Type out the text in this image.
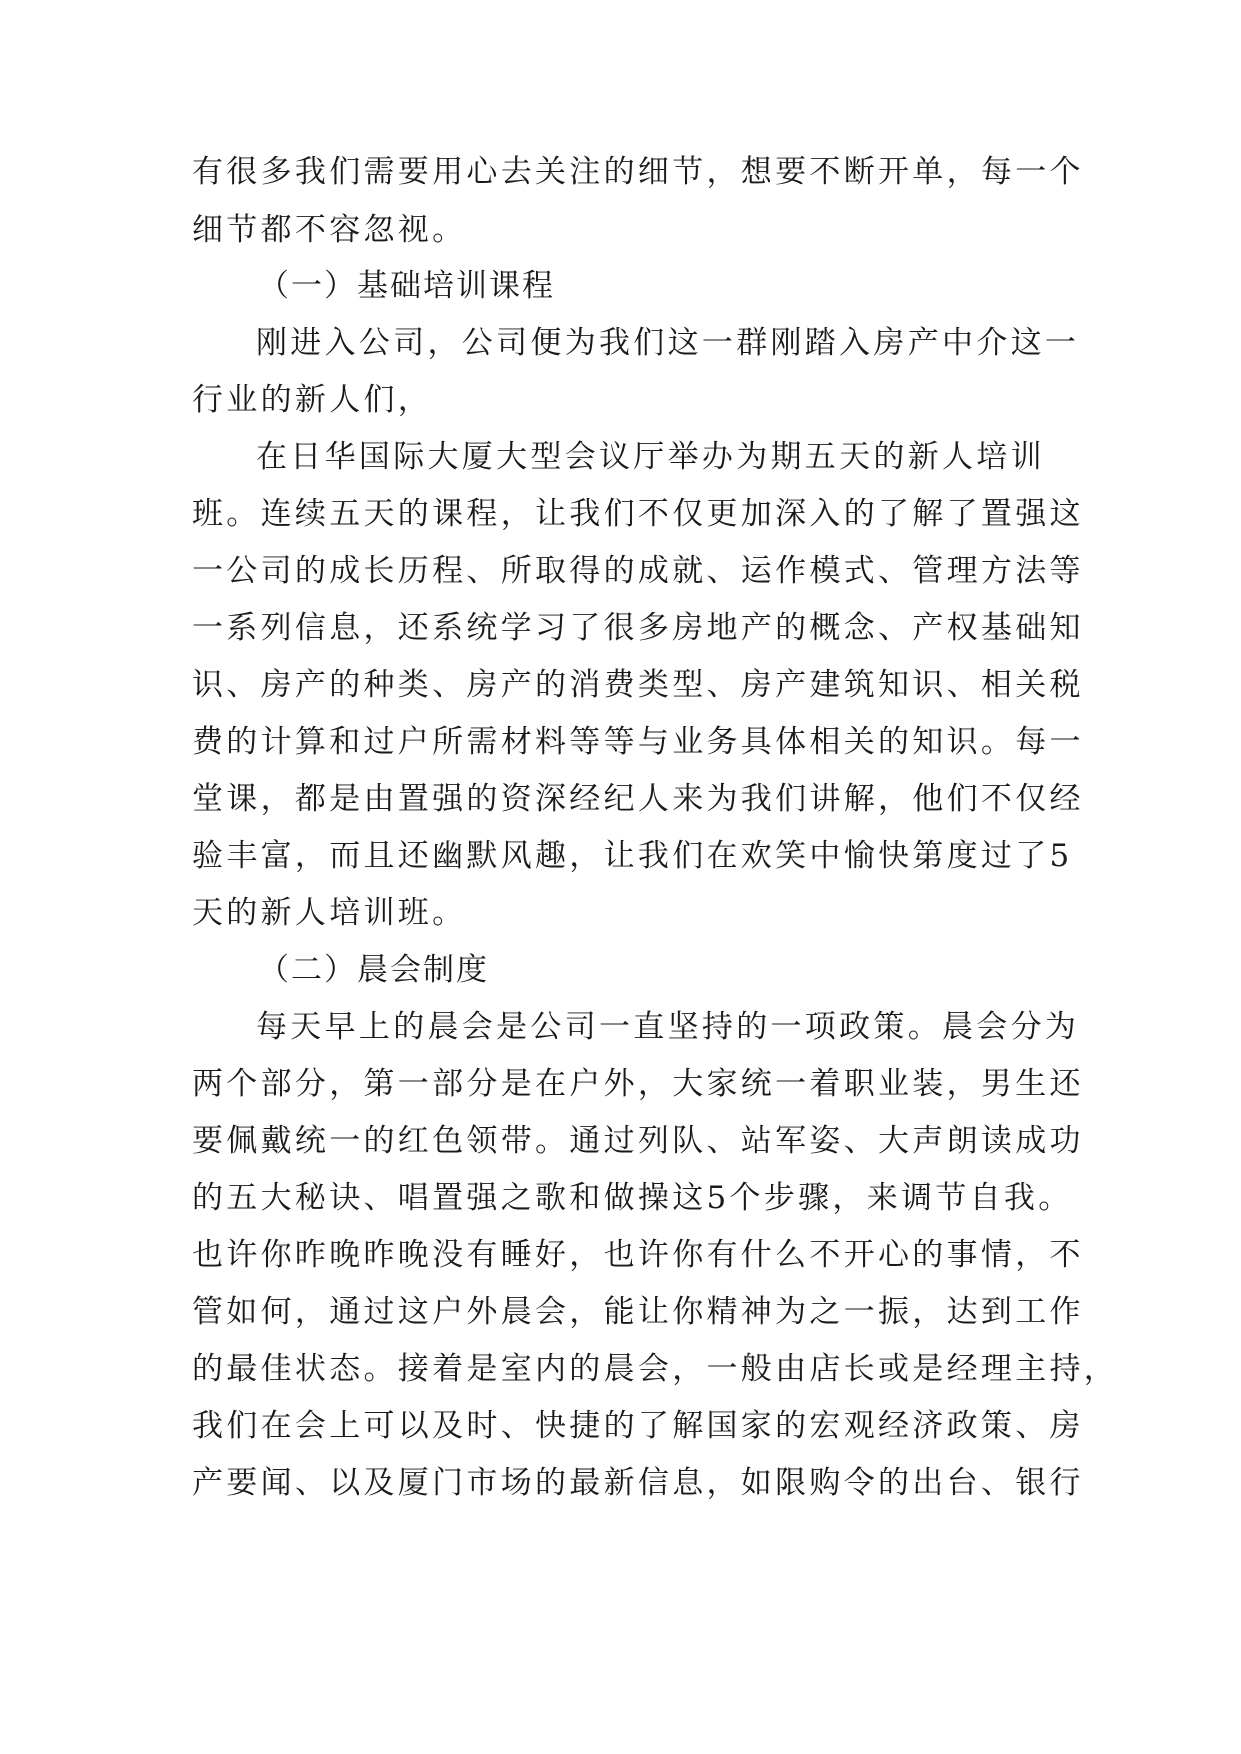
有很多我们需要用心去关注的细节，想要不断开单，每一个
细节都不容忽视。
（一）基础培训课程
刚进入公司，公司便为我们这一群刚踏入房产中介这一
行业的新人们，
在日华国际大厦大型会议厅举办为期五天的新人培训
班。连续五天的课程，让我们不仅更加深入的了解了置强这
一公司的成长历程、所取得的成就、运作模式、管理方法等
一系列信息，还系统学习了很多房地产的概念、产权基础知
识、房产的种类、房产的消费类型、房产建筑知识、相关税
费的计算和过户所需材料等等与业务具体相关的知识。每一
堂课，都是由置强的资深经纪人来为我们讲解，他们不仅经
验丰富，而且还幽默风趣，让我们在欢笑中愉快第度过了5
天的新人培训班。
（二）晨会制度
每天早上的晨会是公司一直坚持的一项政策。晨会分为
两个部分，第一部分是在户外，大家统一着职业装，男生还
要佩戴统一的红色领带。通过列队、站军姿、大声朗读成功
的五大秘诀、唱置强之歌和做操这5个步骤，来调节自我。
也许你昨晚昨晚没有睡好，也许你有什么不开心的事情，不
管如何，通过这户外晨会，能让你精神为之一振，达到工作
的最佳状态。接着是室内的晨会，一般由店长或是经理主持，
我们在会上可以及时、快捷的了解国家的宏观经济政策、房
产要闻、以及厦门市场的最新信息，如限购令的出台、银行
